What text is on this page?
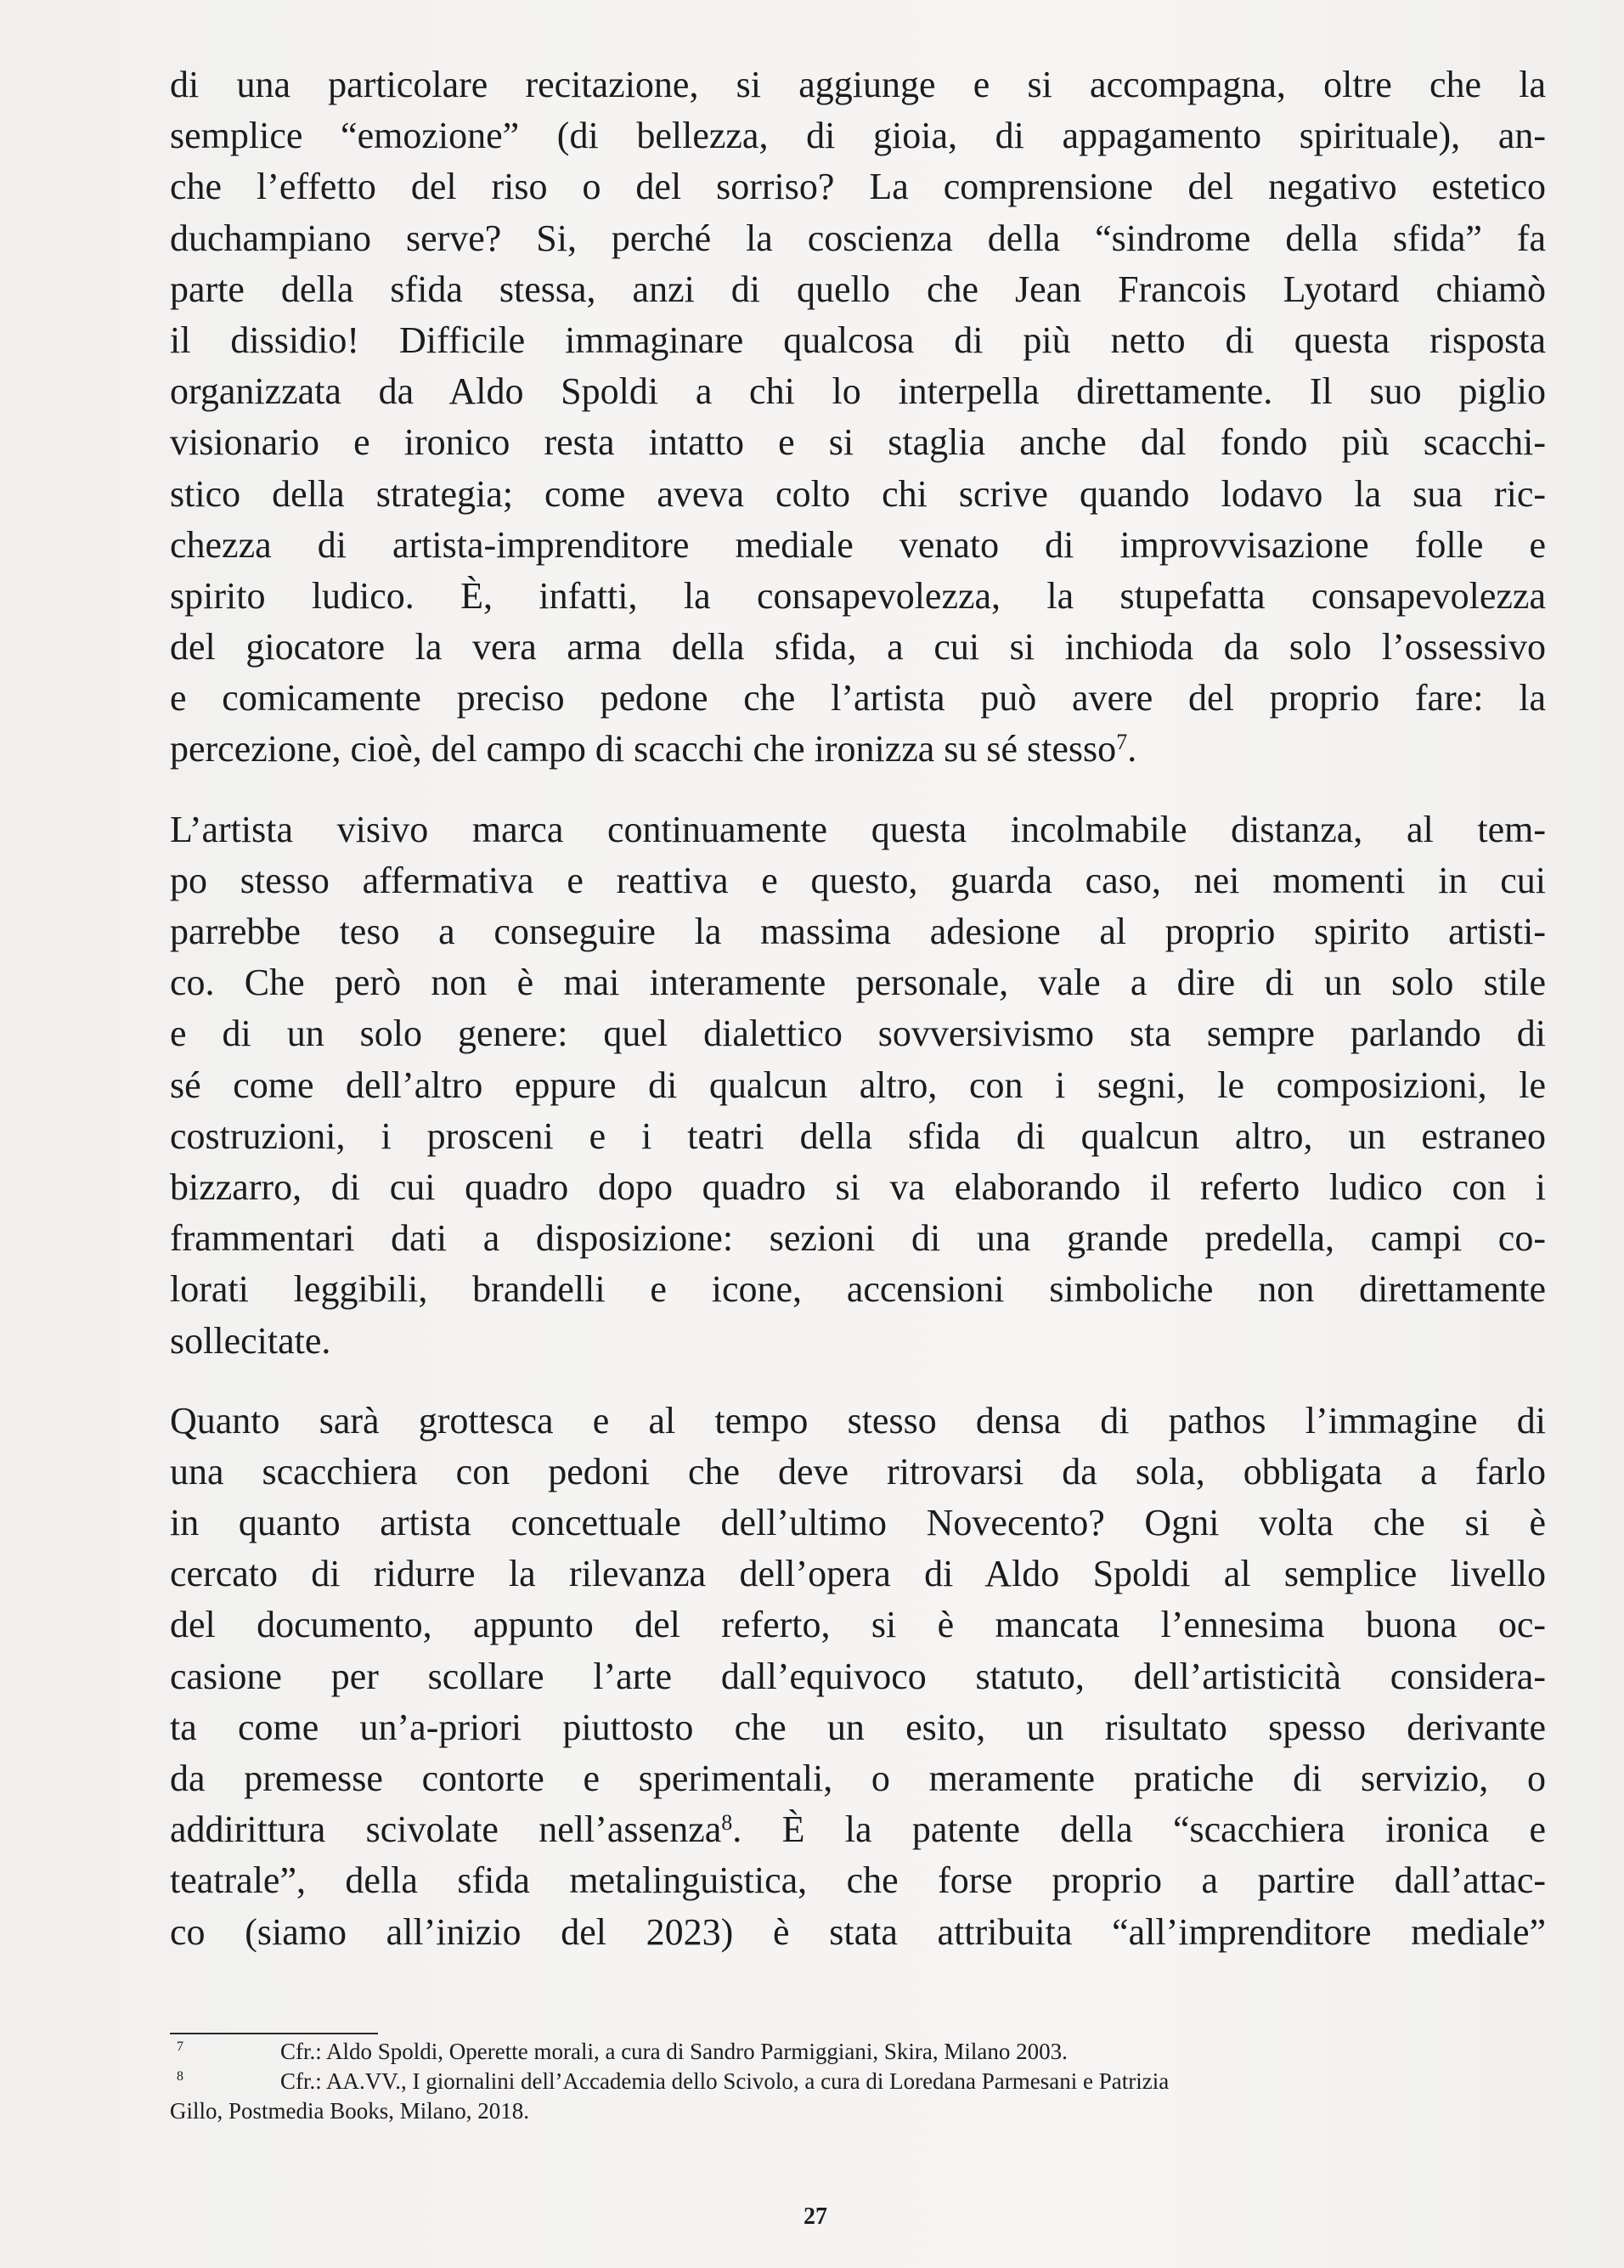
di una particolare recitazione, si aggiunge e si accompagna, oltre che la
semplice “emozione” (di bellezza, di gioia, di appagamento spirituale), an-
che l’effetto del riso o del sorriso? La comprensione del negativo estetico
duchampiano serve? Si, perché la coscienza della “sindrome della sfida” fa
parte della sfida stessa, anzi di quello che Jean Francois Lyotard chiamò
il dissidio! Difficile immaginare qualcosa di più netto di questa risposta
organizzata da Aldo Spoldi a chi lo interpella direttamente. Il suo piglio
visionario e ironico resta intatto e si staglia anche dal fondo più scacchi-
stico della strategia; come aveva colto chi scrive quando lodavo la sua ric-
chezza di artista-imprenditore mediale venato di improvvisazione folle e
spirito ludico. È, infatti, la consapevolezza, la stupefatta consapevolezza
del giocatore la vera arma della sfida, a cui si inchioda da solo l’ossessivo
e comicamente preciso pedone che l’artista può avere del proprio fare: la
percezione, cioè, del campo di scacchi che ironizza su sé stesso$^7$.
L’artista visivo marca continuamente questa incolmabile distanza, al tem-
po stesso affermativa e reattiva e questo, guarda caso, nei momenti in cui
parrebbe teso a conseguire la massima adesione al proprio spirito artisti-
co. Che però non è mai interamente personale, vale a dire di un solo stile
e di un solo genere: quel dialettico sovversivismo sta sempre parlando di
sé come dell’altro eppure di qualcun altro, con i segni, le composizioni, le
costruzioni, i prosceni e i teatri della sfida di qualcun altro, un estraneo
bizzarro, di cui quadro dopo quadro si va elaborando il referto ludico con i
frammentari dati a disposizione: sezioni di una grande predella, campi co-
lorati leggibili, brandelli e icone, accensioni simboliche non direttamente
sollecitate.
Quanto sarà grottesca e al tempo stesso densa di pathos l’immagine di
una scacchiera con pedoni che deve ritrovarsi da sola, obbligata a farlo
in quanto artista concettuale dell’ultimo Novecento? Ogni volta che si è
cercato di ridurre la rilevanza dell’opera di Aldo Spoldi al semplice livello
del documento, appunto del referto, si è mancata l’ennesima buona oc-
casione per scollare l’arte dall’equivoco statuto, dell’artisticità considera-
ta come un’a-priori piuttosto che un esito, un risultato spesso derivante
da premesse contorte e sperimentali, o meramente pratiche di servizio, o
addirittura scivolate nell’assenza$^8$. È la patente della “scacchiera ironica e
teatrale”, della sfida metalinguistica, che forse proprio a partire dall’attac-
co (siamo all’inizio del 2023) è stata attribuita “all’imprenditore mediale”
7	Cfr.: Aldo Spoldi, Operette morali, a cura di Sandro Parmiggiani, Skira, Milano 2003.
8	Cfr.: AA.VV., I giornalini dell’Accademia dello Scivolo, a cura di Loredana Parmesani e Patrizia
Gillo, Postmedia Books, Milano, 2018.
27
